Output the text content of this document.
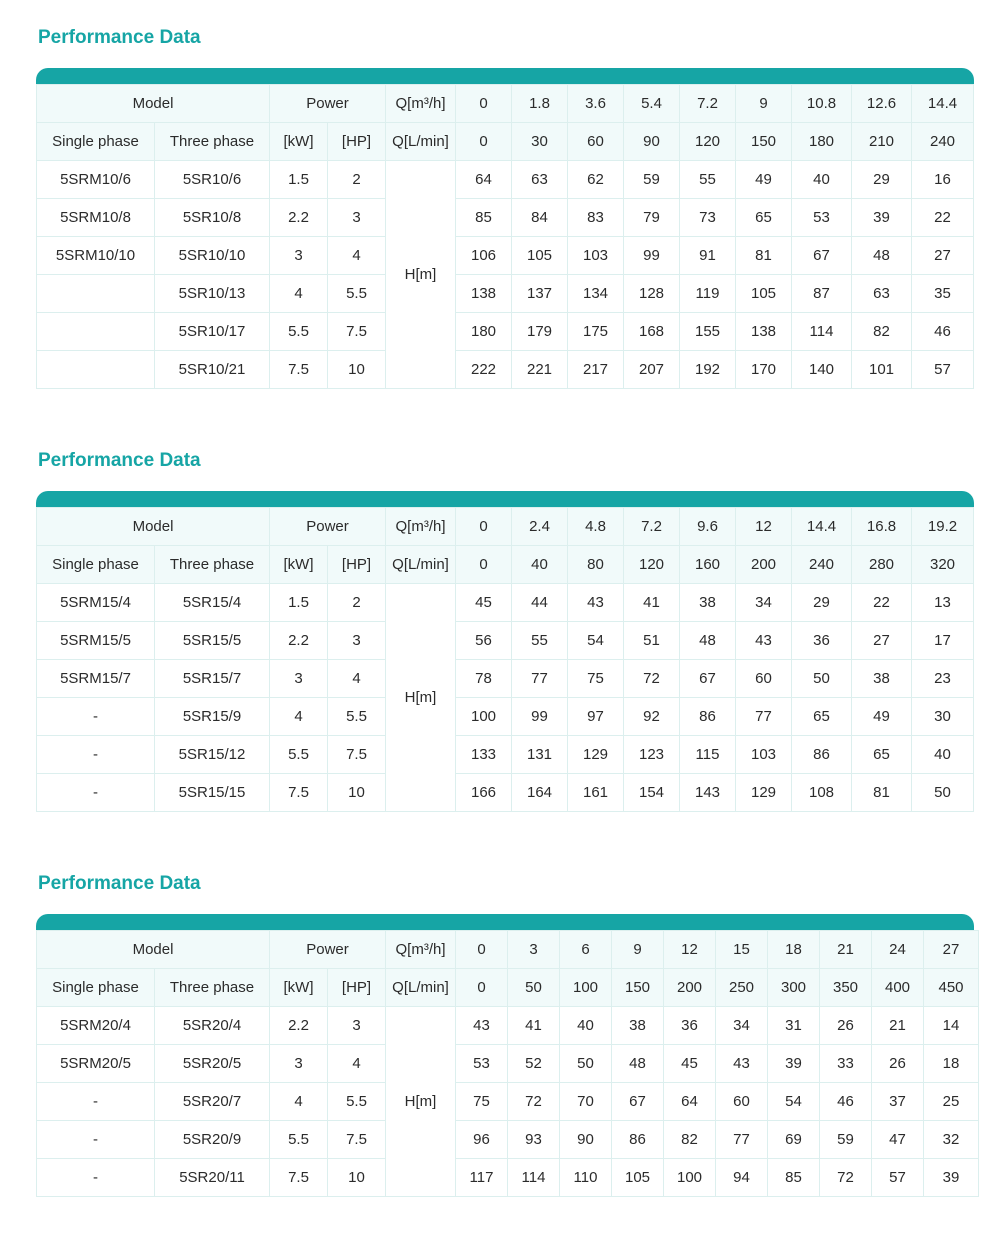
Performance Data
Model		Power		Q[m³/h]	0	1.8	3.6	5.4	7.2	9	10.8	12.6	14.4
Single phase	Three phase	[kW]	[HP]	Q[L/min]	0	30	60	90	120	150	180	210	240
5SRM10/6	5SR10/6	1.5	2	H[m]	64	63	62	59	55	49	40	29	16
5SRM10/8	5SR10/8	2.2	3		85	84	83	79	73	65	53	39	22
5SRM10/10	5SR10/10	3	4		106	105	103	99	91	81	67	48	27
	5SR10/13	4	5.5		138	137	134	128	119	105	87	63	35
	5SR10/17	5.5	7.5		180	179	175	168	155	138	114	82	46
	5SR10/21	7.5	10		222	221	217	207	192	170	140	101	57
Performance Data
Model		Power		Q[m³/h]	0	2.4	4.8	7.2	9.6	12	14.4	16.8	19.2
Single phase	Three phase	[kW]	[HP]	Q[L/min]	0	40	80	120	160	200	240	280	320
5SRM15/4	5SR15/4	1.5	2	H[m]	45	44	43	41	38	34	29	22	13
5SRM15/5	5SR15/5	2.2	3		56	55	54	51	48	43	36	27	17
5SRM15/7	5SR15/7	3	4		78	77	75	72	67	60	50	38	23
-	5SR15/9	4	5.5		100	99	97	92	86	77	65	49	30
-	5SR15/12	5.5	7.5		133	131	129	123	115	103	86	65	40
-	5SR15/15	7.5	10		166	164	161	154	143	129	108	81	50
Performance Data
Model		Power		Q[m³/h]	0	3	6	9	12	15	18	21	24	27
Single phase	Three phase	[kW]	[HP]	Q[L/min]	0	50	100	150	200	250	300	350	400	450
5SRM20/4	5SR20/4	2.2	3	H[m]	43	41	40	38	36	34	31	26	21	14
5SRM20/5	5SR20/5	3	4		53	52	50	48	45	43	39	33	26	18
-	5SR20/7	4	5.5		75	72	70	67	64	60	54	46	37	25
-	5SR20/9	5.5	7.5		96	93	90	86	82	77	69	59	47	32
-	5SR20/11	7.5	10		117	114	110	105	100	94	85	72	57	39
